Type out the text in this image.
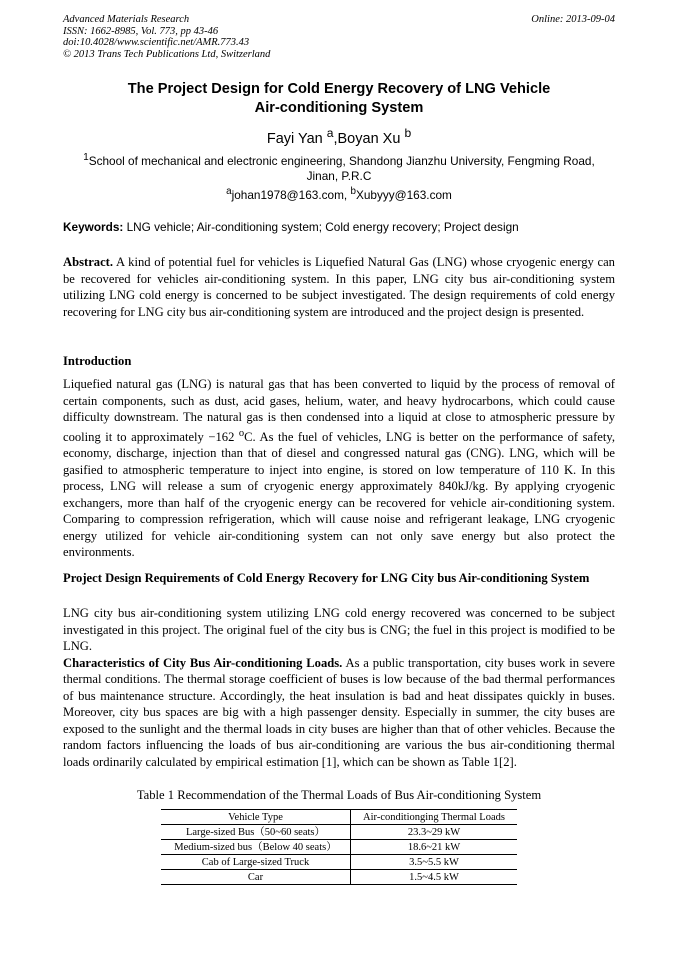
Advanced Materials Research
ISSN: 1662-8985, Vol. 773, pp 43-46
doi:10.4028/www.scientific.net/AMR.773.43
© 2013 Trans Tech Publications Ltd, Switzerland
Online: 2013-09-04
The Project Design for Cold Energy Recovery of LNG Vehicle
Air-conditioning System
Fayi Yan $^a$,Boyan Xu $^b$
$^1$School of mechanical and electronic engineering, Shandong Jianzhu University, Fengming Road,
Jinan, P.R.C
$^a$johan1978@163.com, $^b$Xubyyy@163.com
Keywords: LNG vehicle; Air-conditioning system; Cold energy recovery; Project design
Abstract. A kind of potential fuel for vehicles is Liquefied Natural Gas (LNG) whose cryogenic energy can be recovered for vehicles air-conditioning system. In this paper, LNG city bus air-conditioning system utilizing LNG cold energy is concerned to be subject investigated. The design requirements of cold energy recovering for LNG city bus air-conditioning system are introduced and the project design is presented.
Introduction
Liquefied natural gas (LNG) is natural gas that has been converted to liquid by the process of removal of certain components, such as dust, acid gases, helium, water, and heavy hydrocarbons, which could cause difficulty downstream. The natural gas is then condensed into a liquid at close to atmospheric pressure by cooling it to approximately −162 $^o$C. As the fuel of vehicles, LNG is better on the performance of safety, economy, discharge, injection than that of diesel and congressed natural gas (CNG). LNG, which will be gasified to atmospheric temperature to inject into engine, is stored on low temperature of 110 K. In this process, LNG will release a sum of cryogenic energy approximately 840kJ/kg. By applying cryogenic exchangers, more than half of the cryogenic energy can be recovered for vehicle air-conditioning system. Comparing to compression refrigeration, which will cause noise and refrigerant leakage, LNG cryogenic energy utilized for vehicle air-conditioning system can not only save energy but also protect the environments.
Project Design Requirements of Cold Energy Recovery for LNG City bus Air-conditioning System
LNG city bus air-conditioning system utilizing LNG cold energy recovered was concerned to be subject investigated in this project. The original fuel of the city bus is CNG; the fuel in this project is modified to be LNG.
Characteristics of City Bus Air-conditioning Loads. As a public transportation, city buses work in severe thermal conditions. The thermal storage coefficient of buses is low because of the bad thermal performances of bus maintenance structure. Accordingly, the heat insulation is bad and heat dissipates quickly in buses. Moreover, city bus spaces are big with a high passenger density. Especially in summer, the city buses are exposed to the sunlight and the thermal loads in city buses are higher than that of other vehicles. Because the random factors influencing the loads of bus air-conditioning are various the bus air-conditioning thermal loads ordinarily calculated by empirical estimation [1], which can be shown as Table 1[2].
Table 1 Recommendation of the Thermal Loads of Bus Air-conditioning System
Vehicle Type	Air-conditionging Thermal Loads
Large-sized Bus（50~60 seats）	23.3~29 kW
Medium-sized bus（Below 40 seats）	18.6~21 kW
Cab of Large-sized Truck	3.5~5.5 kW
Car	1.5~4.5 kW
